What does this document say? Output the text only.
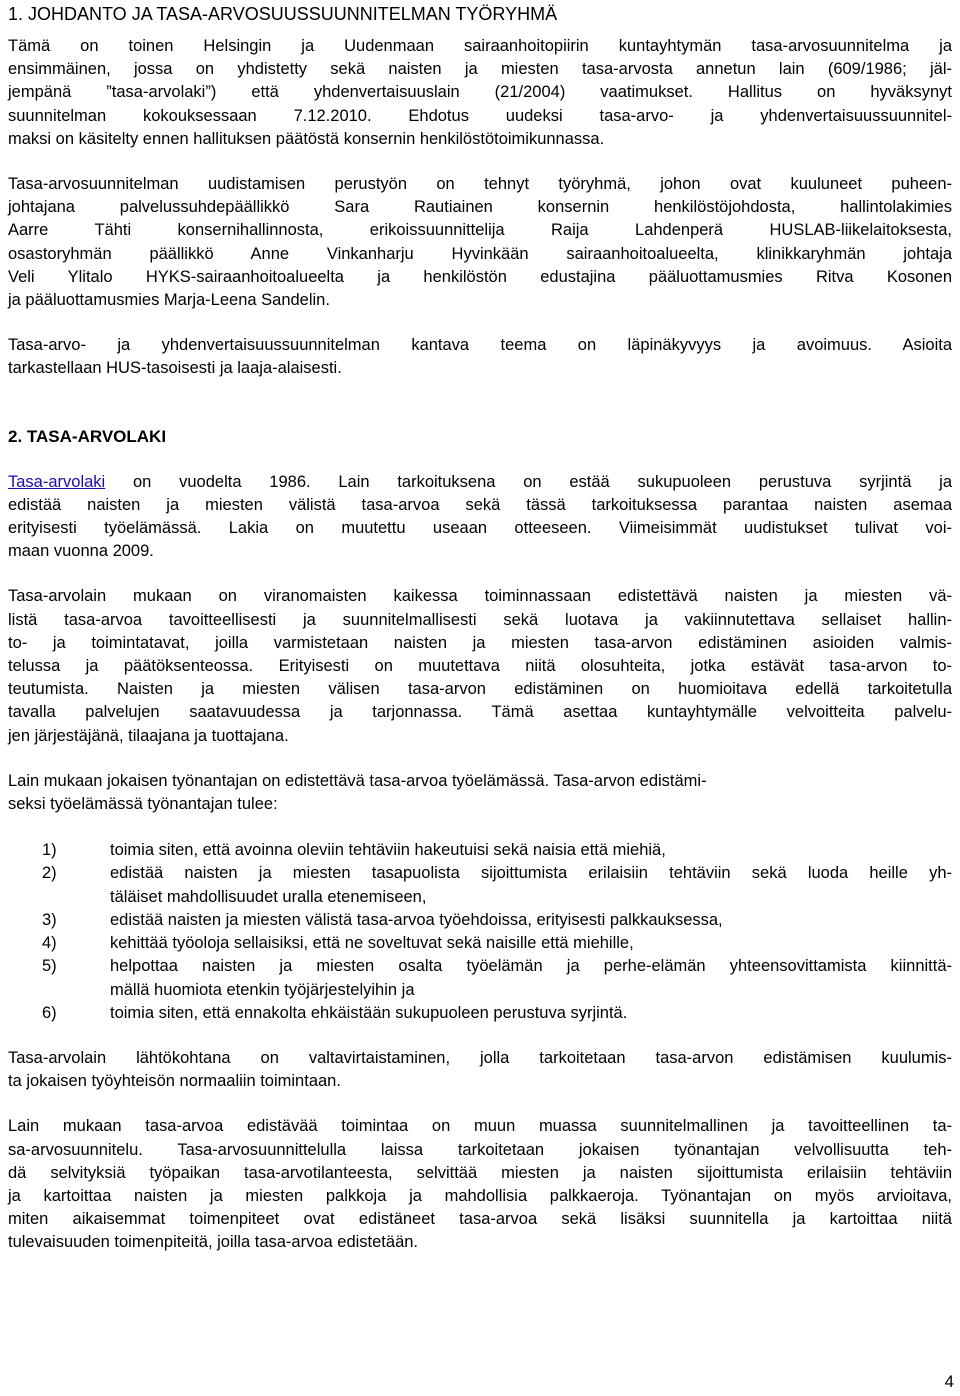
1. JOHDANTO JA TASA-ARVOSUUSSUUNNITELMAN TYÖRYHMÄ
Tämä on toinen Helsingin ja Uudenmaan sairaanhoitopiirin kuntayhtymän tasa-arvosuunnitelma ja
ensimmäinen, jossa on yhdistetty sekä naisten ja miesten tasa-arvosta annetun lain (609/1986; jäl-
jempänä ”tasa-arvolaki”) että yhdenvertaisuuslain (21/2004) vaatimukset. Hallitus on hyväksynyt
suunnitelman kokouksessaan 7.12.2010. Ehdotus uudeksi tasa-arvo- ja yhdenvertaisuussuunnitel-
maksi on käsitelty ennen hallituksen päätöstä konsernin henkilöstötoimikunnassa.
Tasa-arvosuunnitelman uudistamisen perustyön on tehnyt työryhmä, johon ovat kuuluneet puheen-
johtajana palvelussuhdepäällikkö Sara Rautiainen konsernin henkilöstöjohdosta, hallintolakimies
Aarre Tähti konsernihallinnosta, erikoissuunnittelija Raija Lahdenperä HUSLAB-liikelaitoksesta,
osastoryhmän päällikkö Anne Vinkanharju Hyvinkään sairaanhoitoalueelta, klinikkaryhmän johtaja
Veli Ylitalo HYKS-sairaanhoitoalueelta ja henkilöstön edustajina pääluottamusmies Ritva Kosonen
ja pääluottamusmies Marja-Leena Sandelin.
Tasa-arvo- ja yhdenvertaisuussuunnitelman kantava teema on läpinäkyvyys ja avoimuus. Asioita
tarkastellaan HUS-tasoisesti ja laaja-alaisesti.
2. TASA-ARVOLAKI
Tasa-arvolaki on vuodelta 1986. Lain tarkoituksena on estää sukupuoleen perustuva syrjintä ja
edistää naisten ja miesten välistä tasa-arvoa sekä tässä tarkoituksessa parantaa naisten asemaa
erityisesti työelämässä. Lakia on muutettu useaan otteeseen. Viimeisimmät uudistukset tulivat voi-
maan vuonna 2009.
Tasa-arvolain mukaan on viranomaisten kaikessa toiminnassaan edistettävä naisten ja miesten vä-
listä tasa-arvoa tavoitteellisesti ja suunnitelmallisesti sekä luotava ja vakiinnutettava sellaiset hallin-
to- ja toimintatavat, joilla varmistetaan naisten ja miesten tasa-arvon edistäminen asioiden valmis-
telussa ja päätöksenteossa. Erityisesti on muutettava niitä olosuhteita, jotka estävät tasa-arvon to-
teutumista. Naisten ja miesten välisen tasa-arvon edistäminen on huomioitava edellä tarkoitetulla
tavalla palvelujen saatavuudessa ja tarjonnassa. Tämä asettaa kuntayhtymälle velvoitteita palvelu-
jen järjestäjänä, tilaajana ja tuottajana.
Lain mukaan jokaisen työnantajan on edistettävä tasa-arvoa työelämässä. Tasa-arvon edistämi-
seksi työelämässä työnantajan tulee:
1)	toimia siten, että avoinna oleviin tehtäviin hakeutuisi sekä naisia että miehiä,
2)	edistää naisten ja miesten tasapuolista sijoittumista erilaisiin tehtäviin sekä luoda heille yh-
täläiset mahdollisuudet uralla etenemiseen,
3)	edistää naisten ja miesten välistä tasa-arvoa työehdoissa, erityisesti palkkauksessa,
4)	kehittää työoloja sellaisiksi, että ne soveltuvat sekä naisille että miehille,
5)	helpottaa naisten ja miesten osalta työelämän ja perhe-elämän yhteensovittamista kiinnittä-
mällä huomiota etenkin työjärjestelyihin ja
6)	toimia siten, että ennakolta ehkäistään sukupuoleen perustuva syrjintä.
Tasa-arvolain lähtökohtana on valtavirtaistaminen, jolla tarkoitetaan tasa-arvon edistämisen kuulumis-
ta jokaisen työyhteisön normaaliin toimintaan.
Lain mukaan tasa-arvoa edistävää toimintaa on muun muassa suunnitelmallinen ja tavoitteellinen ta-
sa-arvosuunnitelu. Tasa-arvosuunnittelulla laissa tarkoitetaan jokaisen työnantajan velvollisuutta teh-
dä selvityksiä työpaikan tasa-arvotilanteesta, selvittää miesten ja naisten sijoittumista erilaisiin tehtäviin
ja kartoittaa naisten ja miesten palkkoja ja mahdollisia palkkaeroja. Työnantajan on myös arvioitava,
miten aikaisemmat toimenpiteet ovat edistäneet tasa-arvoa sekä lisäksi suunnitella ja kartoittaa niitä
tulevaisuuden toimenpiteitä, joilla tasa-arvoa edistetään.
4
